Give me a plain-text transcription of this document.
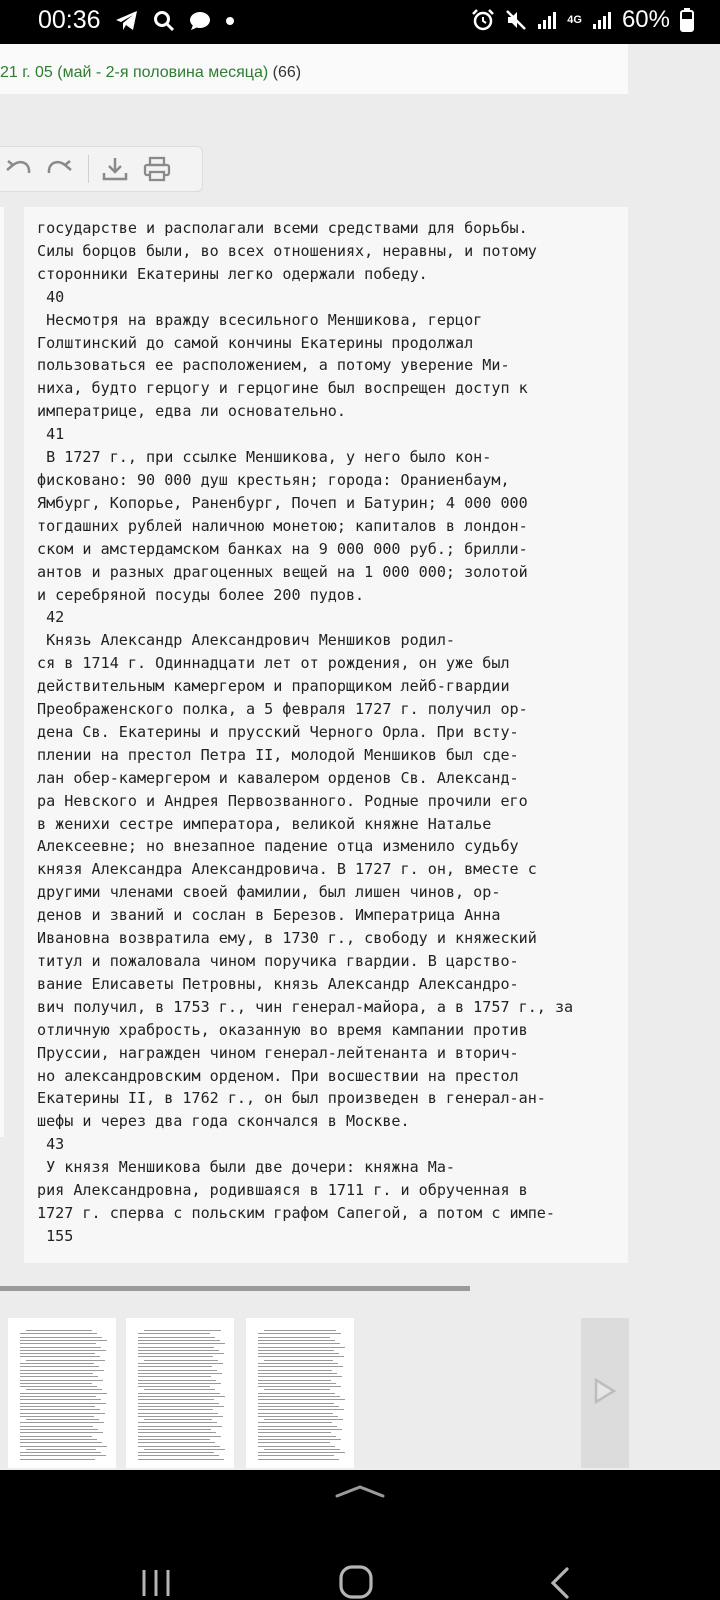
00:36	4G 60%
21 г. 05 (май - 2-я половина месяца) (66)
государстве и располагали всеми средствами для борьбы.
Силы борцов были, во всех отношениях, неравны, и потому
сторонники Екатерины легко одержали победу.
40
Несмотря на вражду всесильного Меншикова, герцог
Голштинский до самой кончины Екатерины продолжал
пользоваться ее расположением, а потому уверение Ми-
ниха, будто герцогу и герцогине был воспрещен доступ к
императрице, едва ли основательно.
41
В 1727 г., при ссылке Меншикова, у него было кон-
фисковано: 90 000 душ крестьян; города: Ораниенбаум,
Ямбург, Копорье, Раненбург, Почеп и Батурин; 4 000 000
тогдашних рублей наличною монетою; капиталов в лондон-
ском и амстердамском банках на 9 000 000 руб.; брилли-
антов и разных драгоценных вещей на 1 000 000; золотой
и серебряной посуды более 200 пудов.
42
Князь Александр Александрович Меншиков родил-
ся в 1714 г. Одиннадцати лет от рождения, он уже был
действительным камергером и прапорщиком лейб-гвардии
Преображенского полка, а 5 февраля 1727 г. получил ор-
дена Св. Екатерины и прусский Черного Орла. При всту-
плении на престол Петра II, молодой Меншиков был сде-
лан обер-камергером и кавалером орденов Св. Александ-
ра Невского и Андрея Первозванного. Родные прочили его
в женихи сестре императора, великой княжне Наталье
Алексеевне; но внезапное падение отца изменило судьбу
князя Александра Александровича. В 1727 г. он, вместе с
другими членами своей фамилии, был лишен чинов, ор-
денов и званий и сослан в Березов. Императрица Анна
Ивановна возвратила ему, в 1730 г., свободу и княжеский
титул и пожаловала чином поручика гвардии. В царство-
вание Елисаветы Петровны, князь Александр Александро-
вич получил, в 1753 г., чин генерал-майора, а в 1757 г., за
отличную храбрость, оказанную во время кампании против
Пруссии, награжден чином генерал-лейтенанта и вторич-
но александровским орденом. При восшествии на престол
Екатерины II, в 1762 г., он был произведен в генерал-ан-
шефы и через два года скончался в Москве.
43
У князя Меншикова были две дочери: княжна Ма-
рия Александровна, родившаяся в 1711 г. и обрученная в
1727 г. сперва с польским графом Сапегой, а потом с импе-
155
